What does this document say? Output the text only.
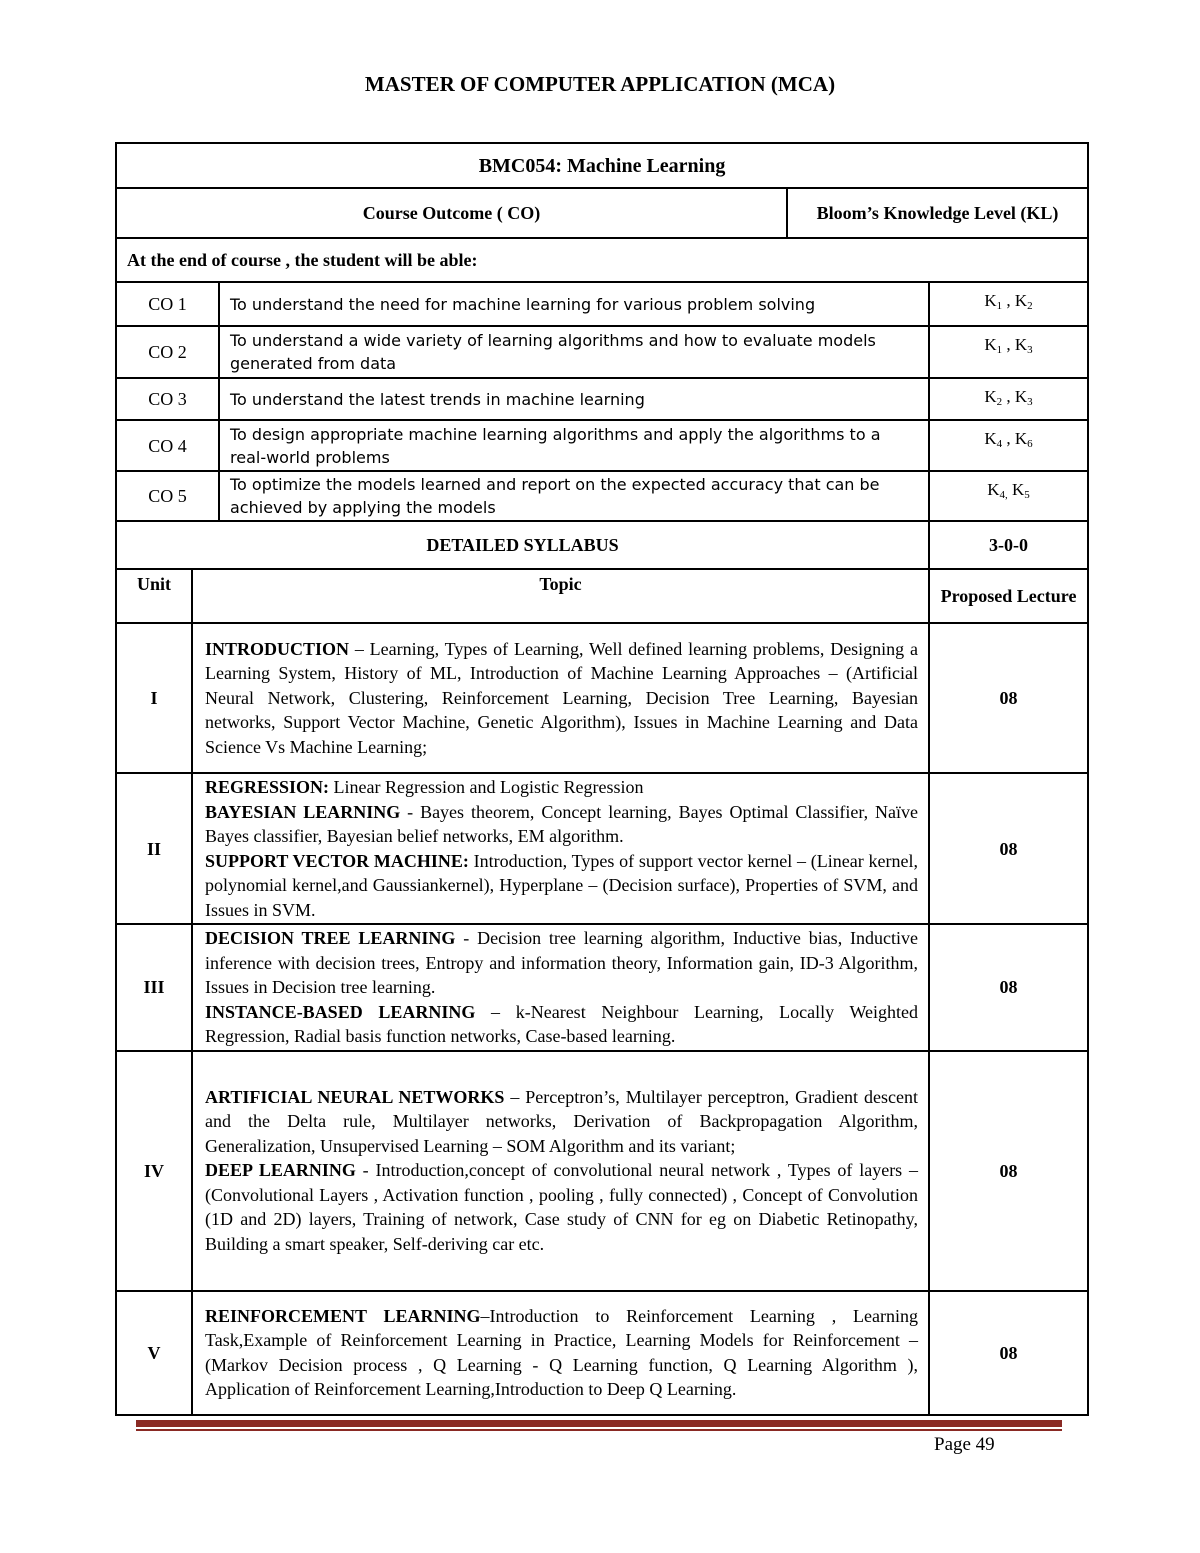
MASTER OF COMPUTER APPLICATION (MCA)
BMC054: Machine Learning				
Course Outcome ( CO)			Bloom’s Knowledge Level (KL)	
At the end of course , the student will be able:				
CO 1		To understand the need for machine learning for various problem solving		$K_1$ , $K_2$
CO 2		To understand a wide variety of learning algorithms and how to evaluate models generated from data		$K_1$ , $K_3$
CO 3		To understand the latest trends in machine learning		$K_2$ , $K_3$
CO 4		To design appropriate machine learning algorithms and apply the algorithms to a real-world problems		$K_4$ , $K_6$
CO 5		To optimize the models learned and report on the expected accuracy that can be achieved by applying the models		$K_{4,}$ $K_5$
DETAILED SYLLABUS				3-0-0
Unit	Topic			Proposed Lecture
I	INTRODUCTION – Learning, Types of Learning, Well defined learning problems, Designing a Learning System, History of ML, Introduction of Machine Learning Approaches – (Artificial Neural Network, Clustering, Reinforcement Learning, Decision Tree Learning, Bayesian networks, Support Vector Machine, Genetic Algorithm), Issues in Machine Learning and Data Science Vs Machine Learning;			08
II	REGRESSION: Linear Regression and Logistic Regression
BAYESIAN LEARNING - Bayes theorem, Concept learning, Bayes Optimal Classifier, Naïve Bayes classifier, Bayesian belief networks, EM algorithm.
SUPPORT VECTOR MACHINE: Introduction, Types of support vector kernel – (Linear kernel, polynomial kernel,and Gaussiankernel), Hyperplane – (Decision surface), Properties of SVM, and Issues in SVM.			08
III	DECISION TREE LEARNING - Decision tree learning algorithm, Inductive bias, Inductive inference with decision trees, Entropy and information theory, Information gain, ID-3 Algorithm, Issues in Decision tree learning.
INSTANCE-BASED LEARNING – k-Nearest Neighbour Learning, Locally Weighted Regression, Radial basis function networks, Case-based learning.			08
IV	ARTIFICIAL NEURAL NETWORKS – Perceptron’s, Multilayer perceptron, Gradient descent and the Delta rule, Multilayer networks, Derivation of Backpropagation Algorithm, Generalization, Unsupervised Learning – SOM Algorithm and its variant;
DEEP LEARNING - Introduction,concept of convolutional neural network , Types of layers – (Convolutional Layers , Activation function , pooling , fully connected) , Concept of Convolution (1D and 2D) layers, Training of network, Case study of CNN for eg on Diabetic Retinopathy, Building a smart speaker, Self-deriving car etc.			08
V	REINFORCEMENT LEARNING–Introduction to Reinforcement Learning , Learning Task,Example of Reinforcement Learning in Practice, Learning Models for Reinforcement – (Markov Decision process , Q Learning - Q Learning function, Q Learning Algorithm ), Application of Reinforcement Learning,Introduction to Deep Q Learning.			08
Page 49
